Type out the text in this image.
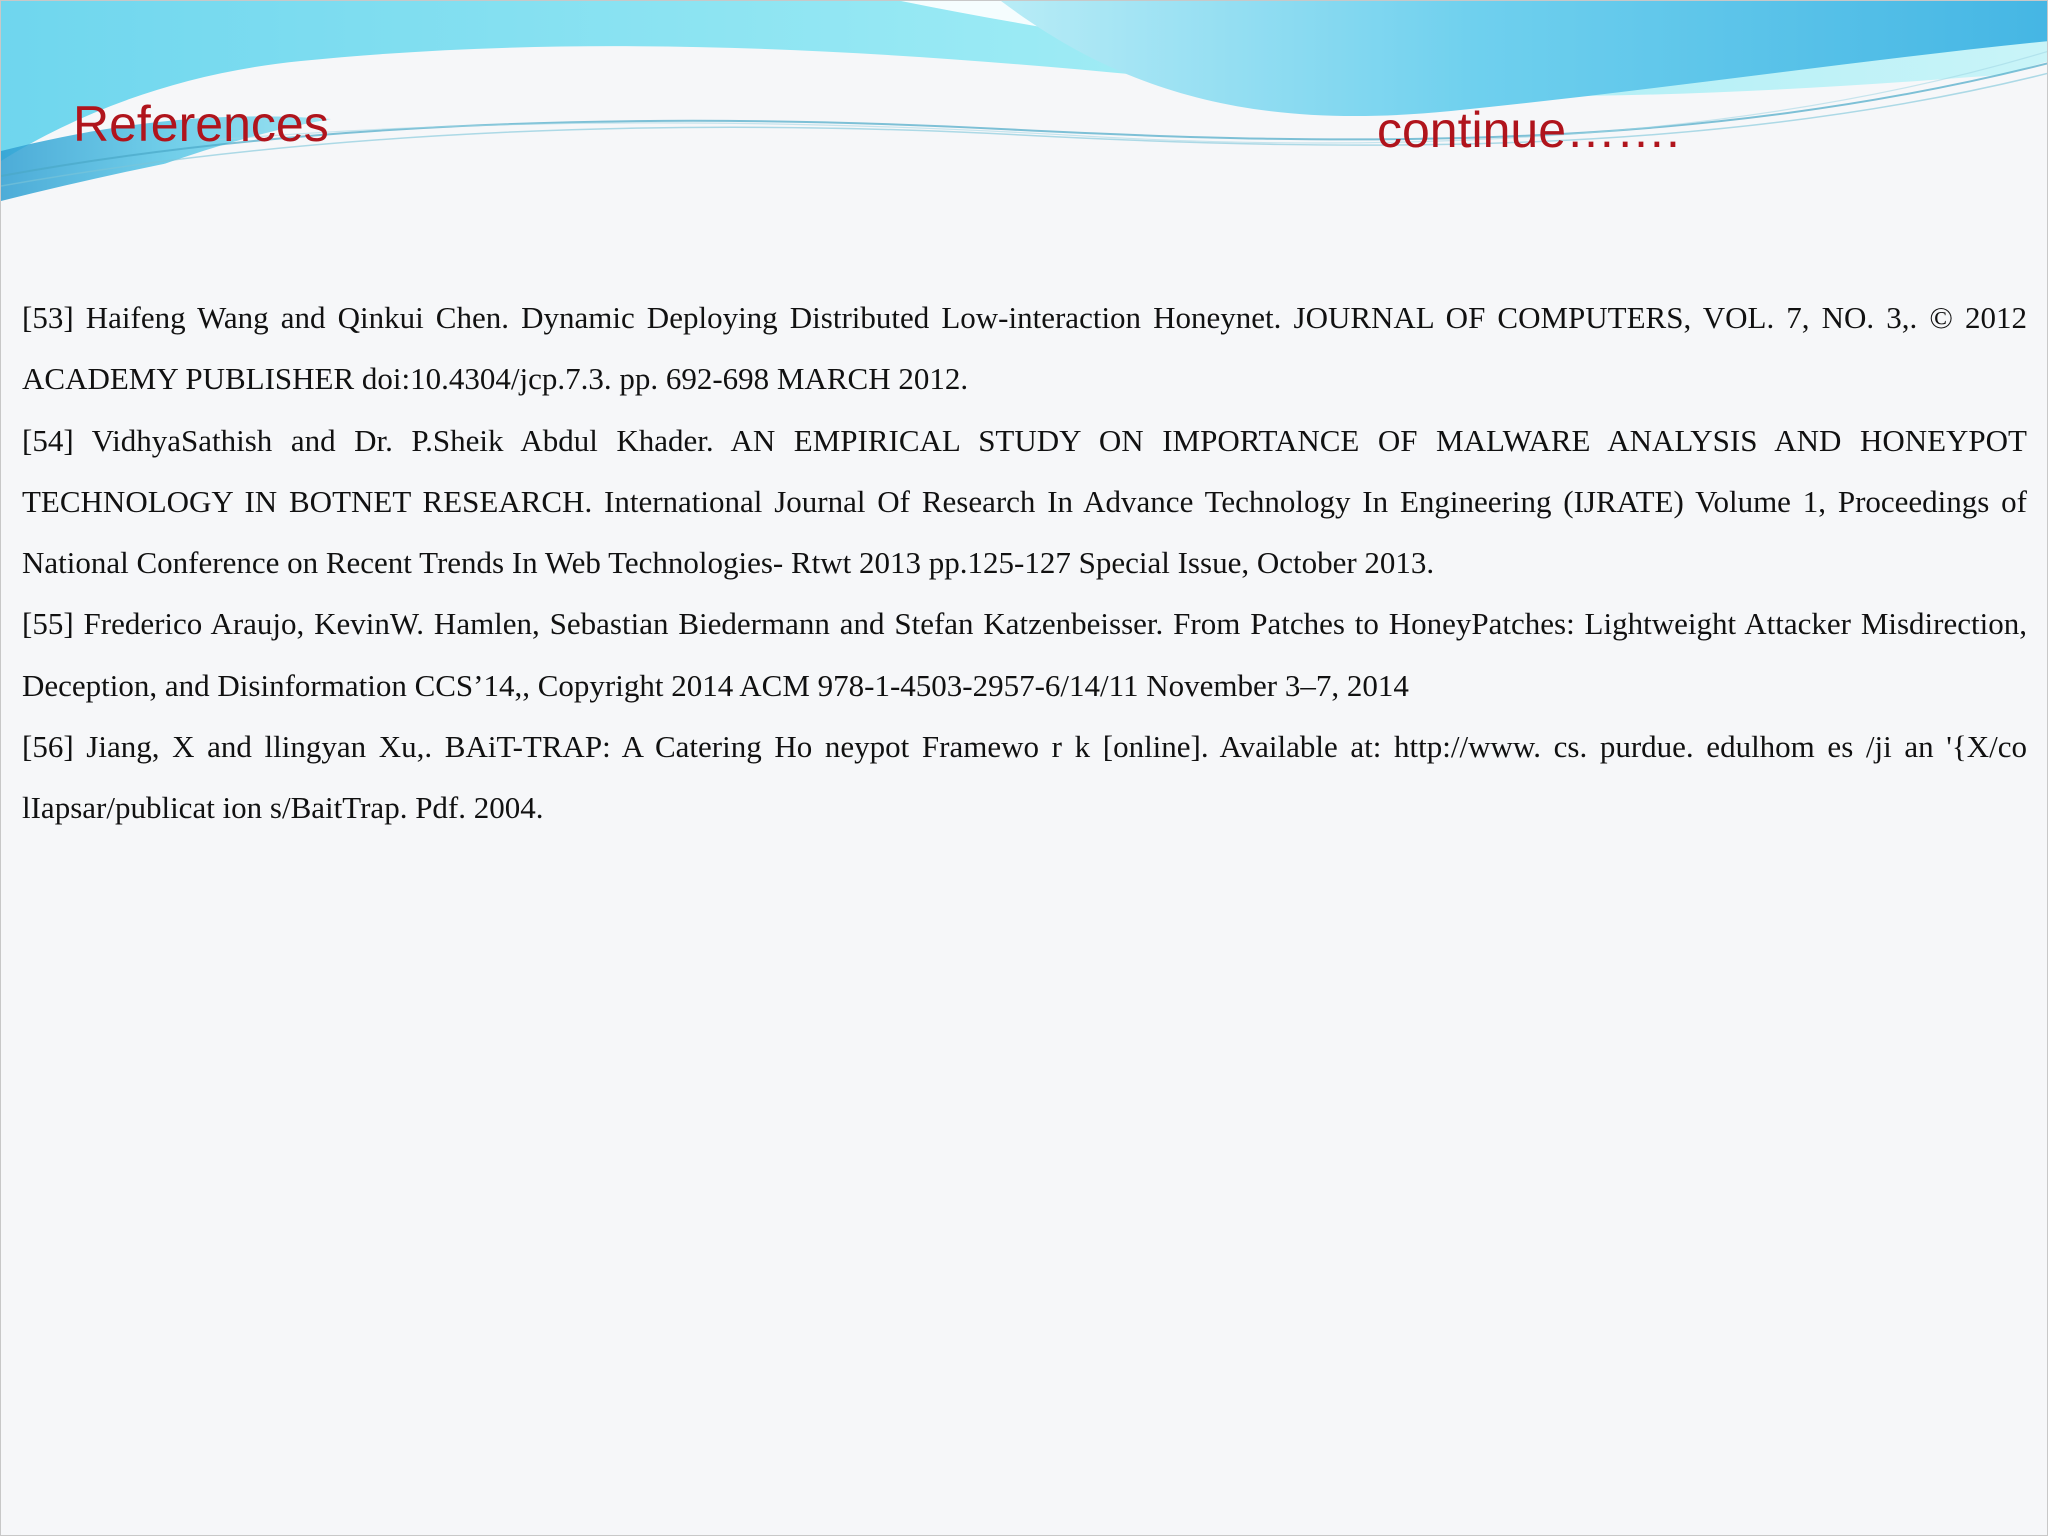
References	continue…….

[53] Haifeng Wang and Qinkui Chen. Dynamic Deploying Distributed Low-interaction Honeynet. JOURNAL OF COMPUTERS, VOL. 7, NO. 3,. © 2012 ACADEMY PUBLISHER doi:10.4304/jcp.7.3. pp. 692-698 MARCH 2012.

[54] VidhyaSathish and Dr. P.Sheik Abdul Khader. AN EMPIRICAL STUDY ON IMPORTANCE OF MALWARE ANALYSIS AND HONEYPOT TECHNOLOGY IN BOTNET RESEARCH. International Journal Of Research In Advance Technology In Engineering (IJRATE) Volume 1, Proceedings of National Conference on Recent Trends In Web Technologies- Rtwt 2013 pp.125-127 Special Issue, October 2013.

[55] Frederico Araujo, KevinW. Hamlen, Sebastian Biedermann and Stefan Katzenbeisser. From Patches to HoneyPatches: Lightweight Attacker Misdirection, Deception, and Disinformation CCS’14,, Copyright 2014 ACM 978-1-4503-2957-6/14/11 November 3–7, 2014

[56] Jiang, X and llingyan Xu,. BAiT-TRAP: A Catering Ho neypot Framewo r k [online]. Available at: http://www. cs. purdue. edulhom es /ji an '{X/co lIapsar/publicat ion s/BaitTrap. Pdf. 2004.
